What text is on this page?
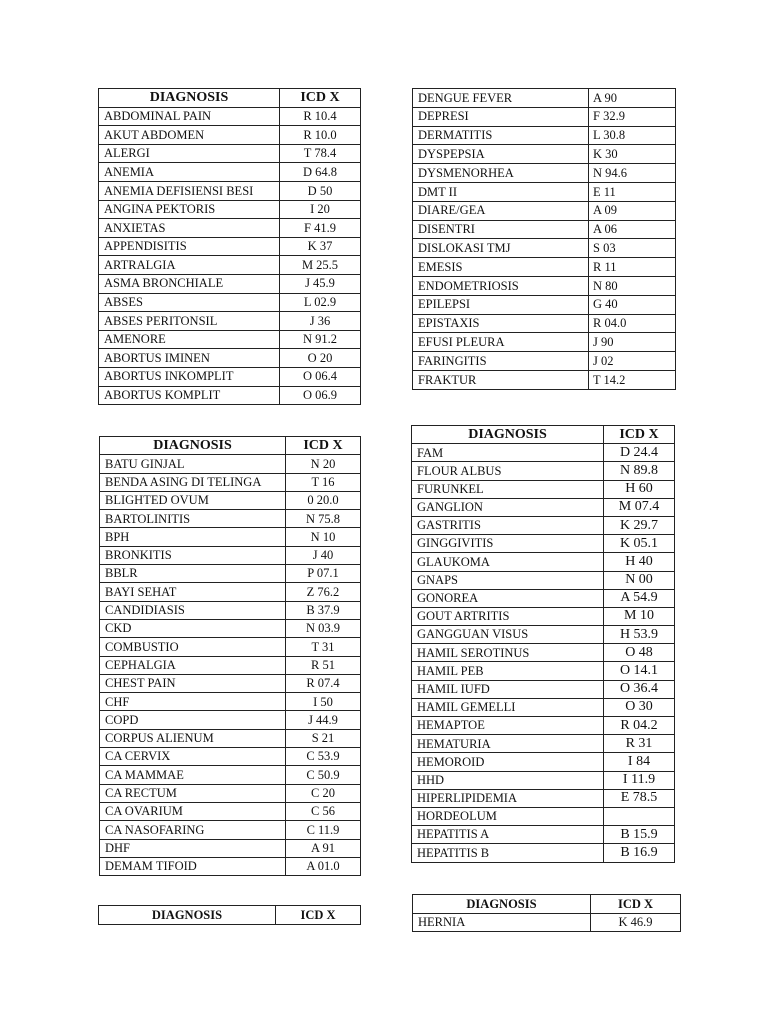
DIAGNOSIS	ICD X
ABDOMINAL PAIN	R 10.4
AKUT ABDOMEN	R 10.0
ALERGI	T 78.4
ANEMIA	D 64.8
ANEMIA DEFISIENSI BESI	D 50
ANGINA PEKTORIS	I 20
ANXIETAS	F 41.9
APPENDISITIS	K 37
ARTRALGIA	M 25.5
ASMA BRONCHIALE	J 45.9
ABSES	L 02.9
ABSES PERITONSIL	J 36
AMENORE	N 91.2
ABORTUS IMINEN	O 20
ABORTUS INKOMPLIT	O 06.4
ABORTUS KOMPLIT	O 06.9
DENGUE FEVER	A 90
DEPRESI	F 32.9
DERMATITIS	L 30.8
DYSPEPSIA	K 30
DYSMENORHEA	N 94.6
DMT II	E 11
DIARE/GEA	A 09
DISENTRI	A 06
DISLOKASI TMJ	S 03
EMESIS	R 11
ENDOMETRIOSIS	N 80
EPILEPSI	G 40
EPISTAXIS	R 04.0
EFUSI PLEURA	J 90
FARINGITIS	J 02
FRAKTUR	T 14.2
DIAGNOSIS	ICD X
BATU GINJAL	N 20
BENDA ASING DI TELINGA	T 16
BLIGHTED OVUM	0 20.0
BARTOLINITIS	N 75.8
BPH	N 10
BRONKITIS	J 40
BBLR	P 07.1
BAYI SEHAT	Z 76.2
CANDIDIASIS	B 37.9
CKD	N 03.9
COMBUSTIO	T 31
CEPHALGIA	R 51
CHEST PAIN	R 07.4
CHF	I 50
COPD	J 44.9
CORPUS ALIENUM	S 21
CA CERVIX	C 53.9
CA MAMMAE	C 50.9
CA RECTUM	C 20
CA OVARIUM	C 56
CA NASOFARING	C 11.9
DHF	A 91
DEMAM TIFOID	A 01.0
DIAGNOSIS	ICD X
FAM	D 24.4
FLOUR ALBUS	N 89.8
FURUNKEL	H 60
GANGLION	M 07.4
GASTRITIS	K 29.7
GINGGIVITIS	K 05.1
GLAUKOMA	H 40
GNAPS	N 00
GONOREA	A 54.9
GOUT ARTRITIS	M 10
GANGGUAN VISUS	H 53.9
HAMIL SEROTINUS	O 48
HAMIL PEB	O 14.1
HAMIL IUFD	O 36.4
HAMIL GEMELLI	O 30
HEMAPTOE	R 04.2
HEMATURIA	R 31
HEMOROID	I 84
HHD	I 11.9
HIPERLIPIDEMIA	E 78.5
HORDEOLUM	
HEPATITIS A	B 15.9
HEPATITIS B	B 16.9
DIAGNOSIS	ICD X
DIAGNOSIS	ICD X
HERNIA	K 46.9
